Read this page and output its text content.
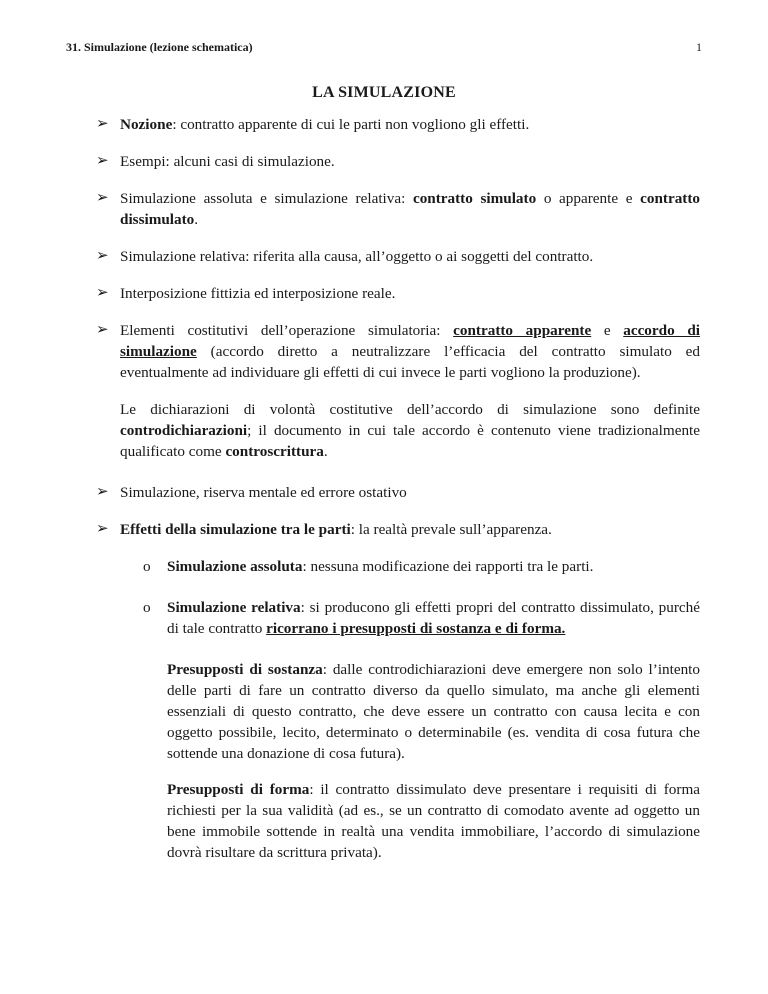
31. Simulazione (lezione schematica)	1
LA SIMULAZIONE
➢ Nozione: contratto apparente di cui le parti non vogliono gli effetti.
➢ Esempi: alcuni casi di simulazione.
➢ Simulazione assoluta e simulazione relativa: contratto simulato o apparente e contratto dissimulato.
➢ Simulazione relativa: riferita alla causa, all’oggetto o ai soggetti del contratto.
➢ Interposizione fittizia ed interposizione reale.
➢ Elementi costitutivi dell’operazione simulatoria: contratto apparente e accordo di simulazione (accordo diretto a neutralizzare l’efficacia del contratto simulato ed eventualmente ad individuare gli effetti di cui invece le parti vogliono la produzione).

Le dichiarazioni di volontà costitutive dell’accordo di simulazione sono definite controdichiarazioni; il documento in cui tale accordo è contenuto viene tradizionalmente qualificato come controscrittura.

➢ Simulazione, riserva mentale ed errore ostativo
➢ Effetti della simulazione tra le parti: la realtà prevale sull’apparenza.
o Simulazione assoluta: nessuna modificazione dei rapporti tra le parti.
o Simulazione relativa: si producono gli effetti propri del contratto dissimulato, purché di tale contratto ricorrano i presupposti di sostanza e di forma.

Presupposti di sostanza: dalle controdichiarazioni deve emergere non solo l’intento delle parti di fare un contratto diverso da quello simulato, ma anche gli elementi essenziali di questo contratto, che deve essere un contratto con causa lecita e con oggetto possibile, lecito, determinato o determinabile (es. vendita di cosa futura che sottende una donazione di cosa futura).

Presupposti di forma: il contratto dissimulato deve presentare i requisiti di forma richiesti per la sua validità (ad es., se un contratto di comodato avente ad oggetto un bene immobile sottende in realtà una vendita immobiliare, l’accordo di simulazione dovrà risultare da scrittura privata).
